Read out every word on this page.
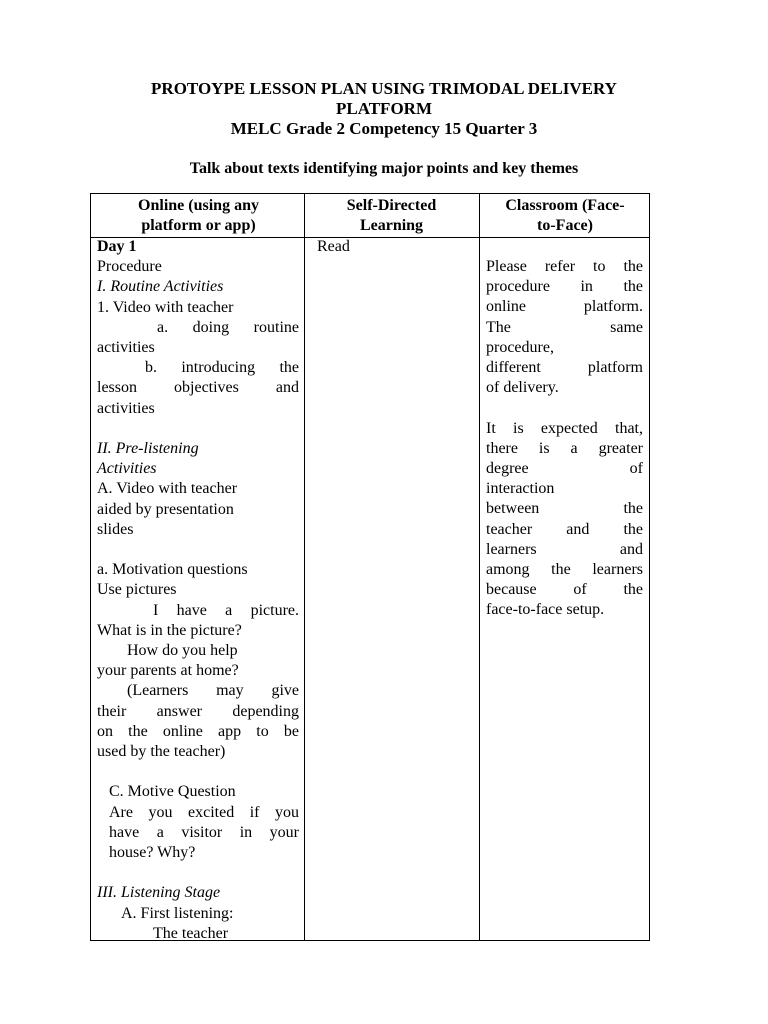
PROTOYPE LESSON PLAN USING TRIMODAL DELIVERY
PLATFORM
MELC Grade 2 Competency 15 Quarter 3
Talk about texts identifying major points and key themes
Online (using any
platform or app)
Self-Directed
Learning
Classroom (Face-
to-Face)
Day 1
Procedure
I. Routine Activities
1. Video with teacher
a. doing routine
activities
b. introducing the
lesson objectives and
activities
II. Pre-listening
Activities
A. Video with teacher
aided by presentation
slides
a. Motivation questions
Use pictures
I have a picture.
What is in the picture?
How do you help
your parents at home?
(Learners may give
their answer depending
on the online app to be
used by the teacher)
C. Motive Question
Are you excited if you
have a visitor in your
house? Why?
III. Listening Stage
A. First listening:
The teacher
Read
Please refer to the
procedure in the
online platform.
The same
procedure,
different platform
of delivery.
It is expected that,
there is a greater
degree of
interaction
between the
teacher and the
learners and
among the learners
because of the
face-to-face setup.
